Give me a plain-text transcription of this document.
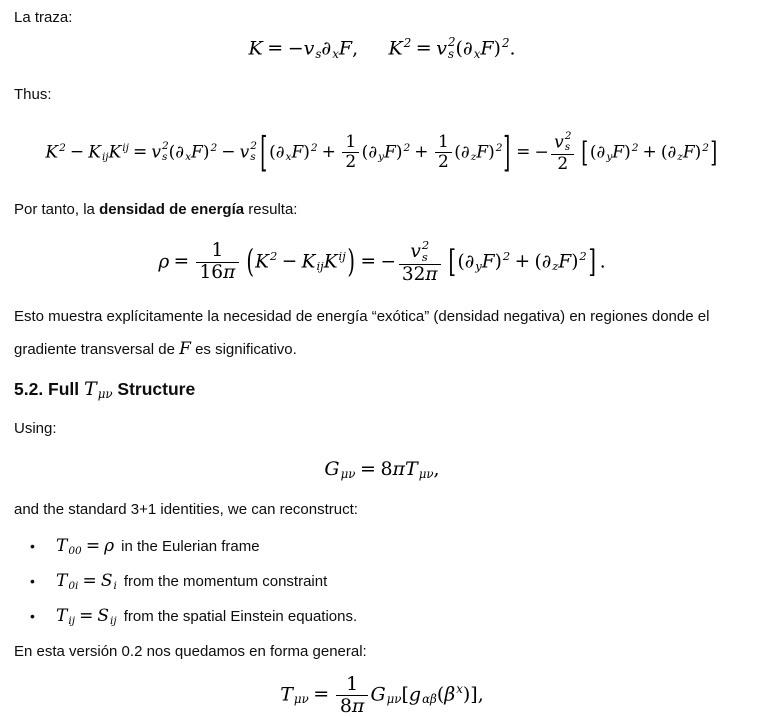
La traza:

K = −vs∂xF, $K^2 = v$ 2
s $(\partial xF)^2$.

Thus:

$K^2$ − KijK$^{ij}$ = v 2
s $(\partial xF)^2 - v$ 2
s $[(\partial xF)^2 + \frac{1}{2} (\partial yF)^2 + \frac{1}{2} (\partial zF)^2]$ = − v 2
s
2 $[(\partial yF)^2 + (\partial zF)^2]$

Por tanto, la densidad de energía resulta:

$\rho = \frac{1}{16\pi} (K^2$ − KijK$^{ij}$) = − v 2
s
32π $[(\partial yF)^2 + (\partial zF)^2]$ .

Esto muestra explícitamente la necesidad de energía “exótica” (densidad negativa) en regiones donde el gradiente transversal de F es significativo.

5.2. Full Tμν Structure

Using:

Gμν = 8πTμν,

and the standard 3+1 identities, we can reconstruct:

•	T00 = ρ in the Eulerian frame
•	T0i = Si from the momentum constraint
•	Tij = Sij from the spatial Einstein equations.

En esta versión 0.2 nos quedamos en forma general:

$T\mu\nu = \frac{1}{8\pi} G\mu\nu[g\alpha\beta(\beta^x)]$,
